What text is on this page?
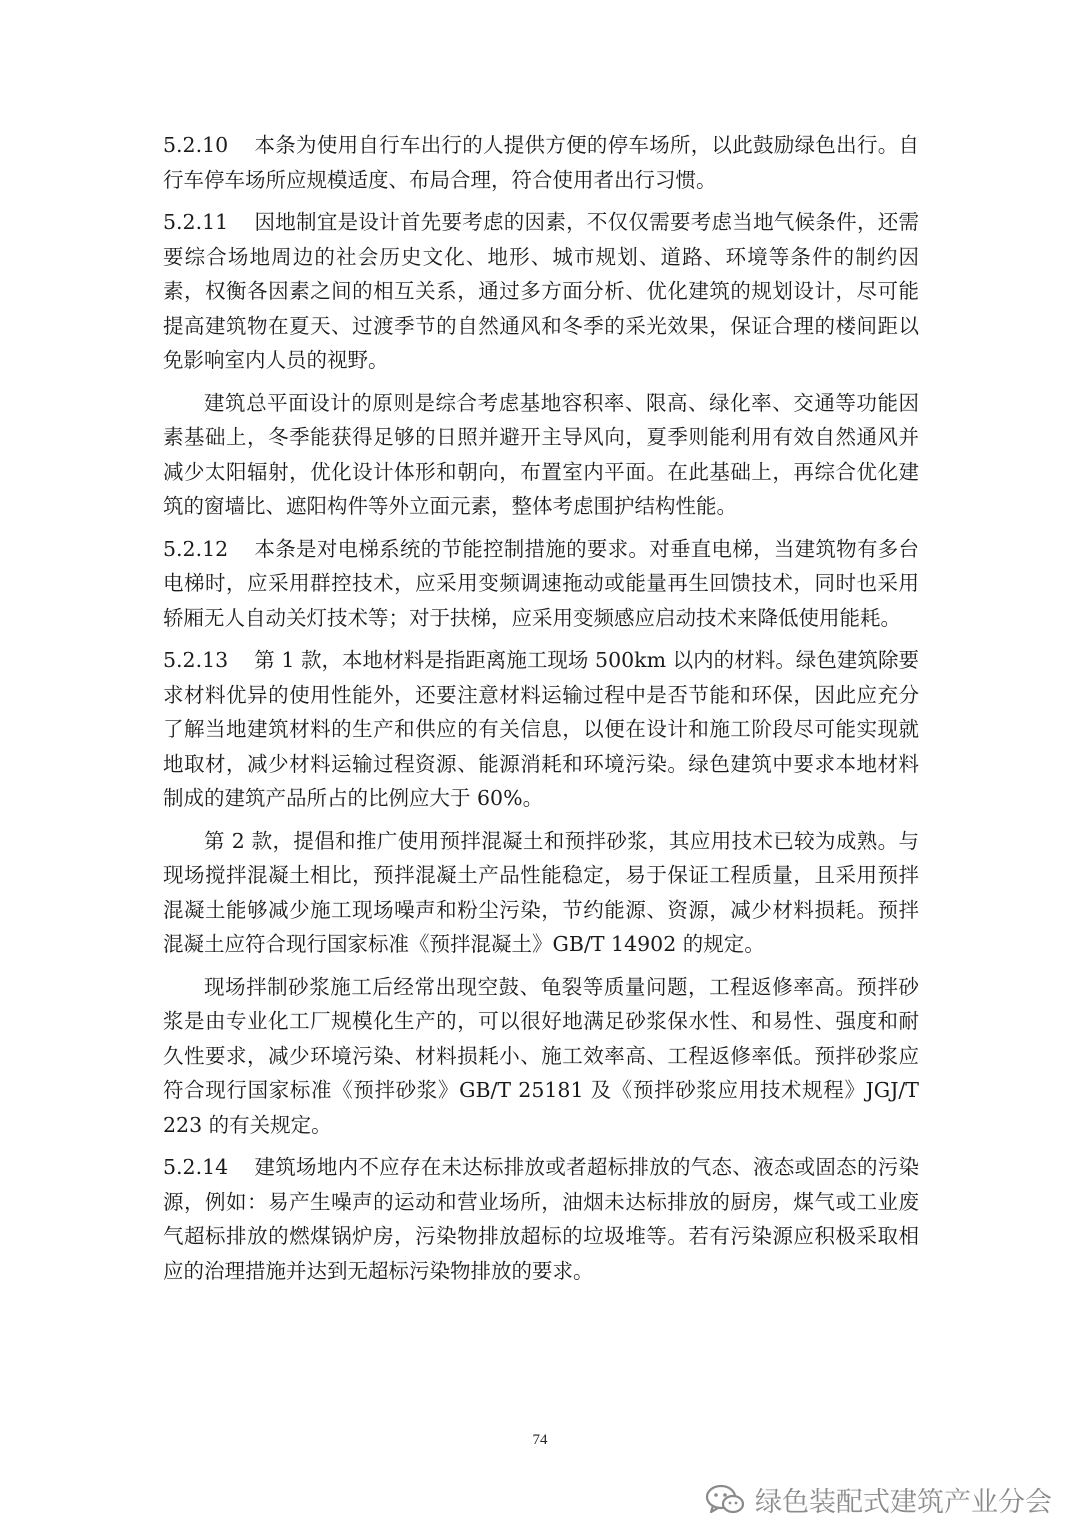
5.2.10 本条为使用自行车出行的人提供方便的停车场所，以此鼓励绿色出行。自行车停车场所应规模适度、布局合理，符合使用者出行习惯。

5.2.11 因地制宜是设计首先要考虑的因素，不仅仅需要考虑当地气候条件，还需要综合场地周边的社会历史文化、地形、城市规划、道路、环境等条件的制约因素，权衡各因素之间的相互关系，通过多方面分析、优化建筑的规划设计，尽可能提高建筑物在夏天、过渡季节的自然通风和冬季的采光效果，保证合理的楼间距以免影响室内人员的视野。

建筑总平面设计的原则是综合考虑基地容积率、限高、绿化率、交通等功能因素基础上，冬季能获得足够的日照并避开主导风向，夏季则能利用有效自然通风并减少太阳辐射，优化设计体形和朝向，布置室内平面。在此基础上，再综合优化建筑的窗墙比、遮阳构件等外立面元素，整体考虑围护结构性能。

5.2.12 本条是对电梯系统的节能控制措施的要求。对垂直电梯，当建筑物有多台电梯时，应采用群控技术，应采用变频调速拖动或能量再生回馈技术，同时也采用轿厢无人自动关灯技术等；对于扶梯，应采用变频感应启动技术来降低使用能耗。

5.2.13 第 1 款，本地材料是指距离施工现场 500km 以内的材料。绿色建筑除要求材料优异的使用性能外，还要注意材料运输过程中是否节能和环保，因此应充分了解当地建筑材料的生产和供应的有关信息，以便在设计和施工阶段尽可能实现就地取材，减少材料运输过程资源、能源消耗和环境污染。绿色建筑中要求本地材料制成的建筑产品所占的比例应大于 60%。

第 2 款，提倡和推广使用预拌混凝土和预拌砂浆，其应用技术已较为成熟。与现场搅拌混凝土相比，预拌混凝土产品性能稳定，易于保证工程质量，且采用预拌混凝土能够减少施工现场噪声和粉尘污染，节约能源、资源，减少材料损耗。预拌混凝土应符合现行国家标准《预拌混凝土》GB/T 14902 的规定。

现场拌制砂浆施工后经常出现空鼓、龟裂等质量问题，工程返修率高。预拌砂浆是由专业化工厂规模化生产的，可以很好地满足砂浆保水性、和易性、强度和耐久性要求，减少环境污染、材料损耗小、施工效率高、工程返修率低。预拌砂浆应符合现行国家标准《预拌砂浆》GB/T 25181 及《预拌砂浆应用技术规程》JGJ/T 223 的有关规定。

5.2.14 建筑场地内不应存在未达标排放或者超标排放的气态、液态或固态的污染源，例如：易产生噪声的运动和营业场所，油烟未达标排放的厨房，煤气或工业废气超标排放的燃煤锅炉房，污染物排放超标的垃圾堆等。若有污染源应积极采取相应的治理措施并达到无超标污染物排放的要求。

74
绿色装配式建筑产业分会
